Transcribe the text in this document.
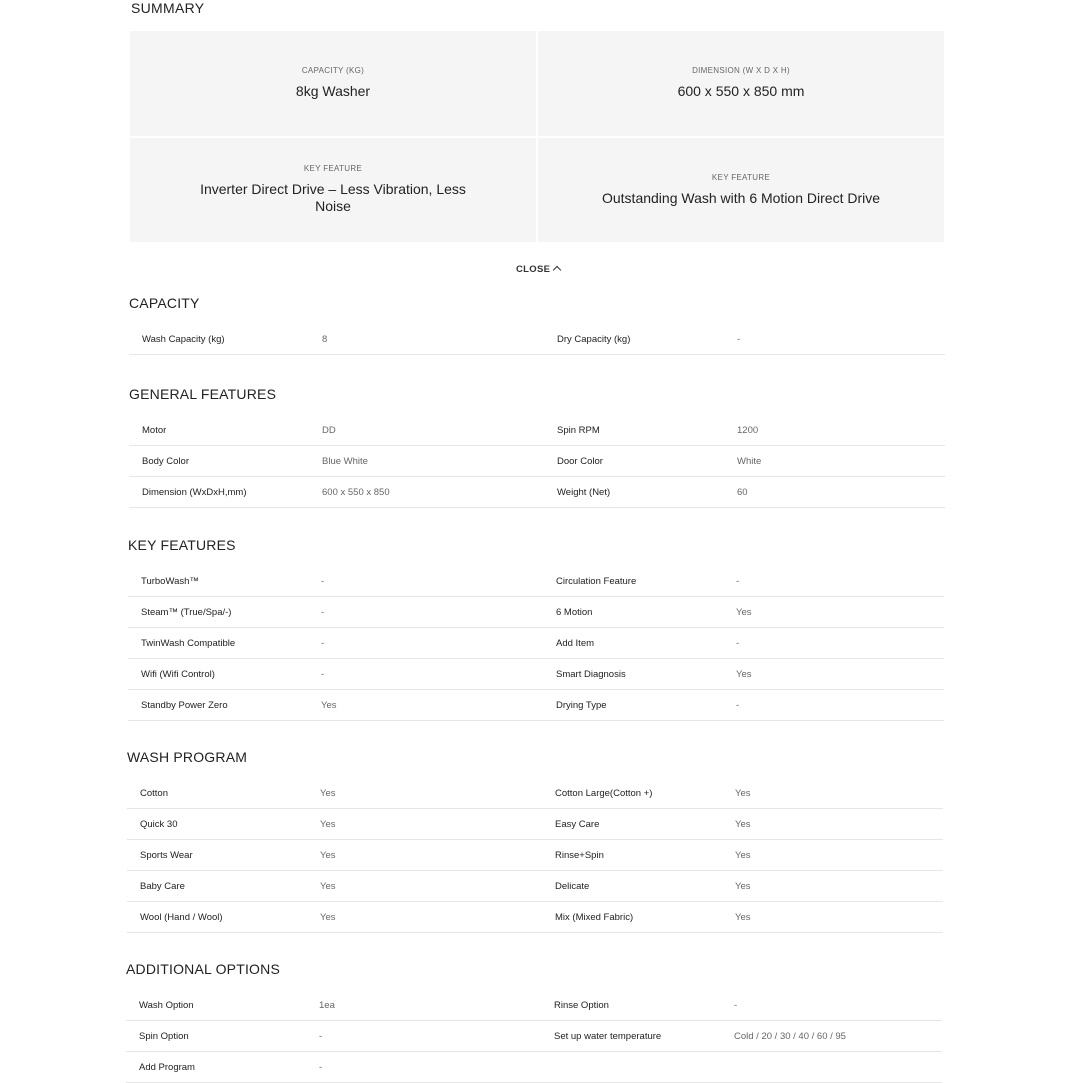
SUMMARY
CAPACITY (KG)
8kg Washer
DIMENSION (W X D X H)
600 x 550 x 850 mm
KEY FEATURE
Inverter Direct Drive – Less Vibration, Less Noise
KEY FEATURE
Outstanding Wash with 6 Motion Direct Drive
CLOSE
CAPACITY
Wash Capacity (kg)	8	Dry Capacity (kg)	-
GENERAL FEATURES
Motor	DD	Spin RPM	1200
Body Color	Blue White	Door Color	White
Dimension (WxDxH,mm)	600 x 550 x 850	Weight (Net)	60
KEY FEATURES
TurboWash™	-	Circulation Feature	-
Steam™ (True/Spa/-)	-	6 Motion	Yes
TwinWash Compatible	-	Add Item	-
Wifi (Wifi Control)	-	Smart Diagnosis	Yes
Standby Power Zero	Yes	Drying Type	-
WASH PROGRAM
Cotton	Yes	Cotton Large(Cotton +)	Yes
Quick 30	Yes	Easy Care	Yes
Sports Wear	Yes	Rinse+Spin	Yes
Baby Care	Yes	Delicate	Yes
Wool (Hand / Wool)	Yes	Mix (Mixed Fabric)	Yes
ADDITIONAL OPTIONS
Wash Option	1ea	Rinse Option	-
Spin Option	-	Set up water temperature	Cold / 20 / 30 / 40 / 60 / 95
Add Program	-
